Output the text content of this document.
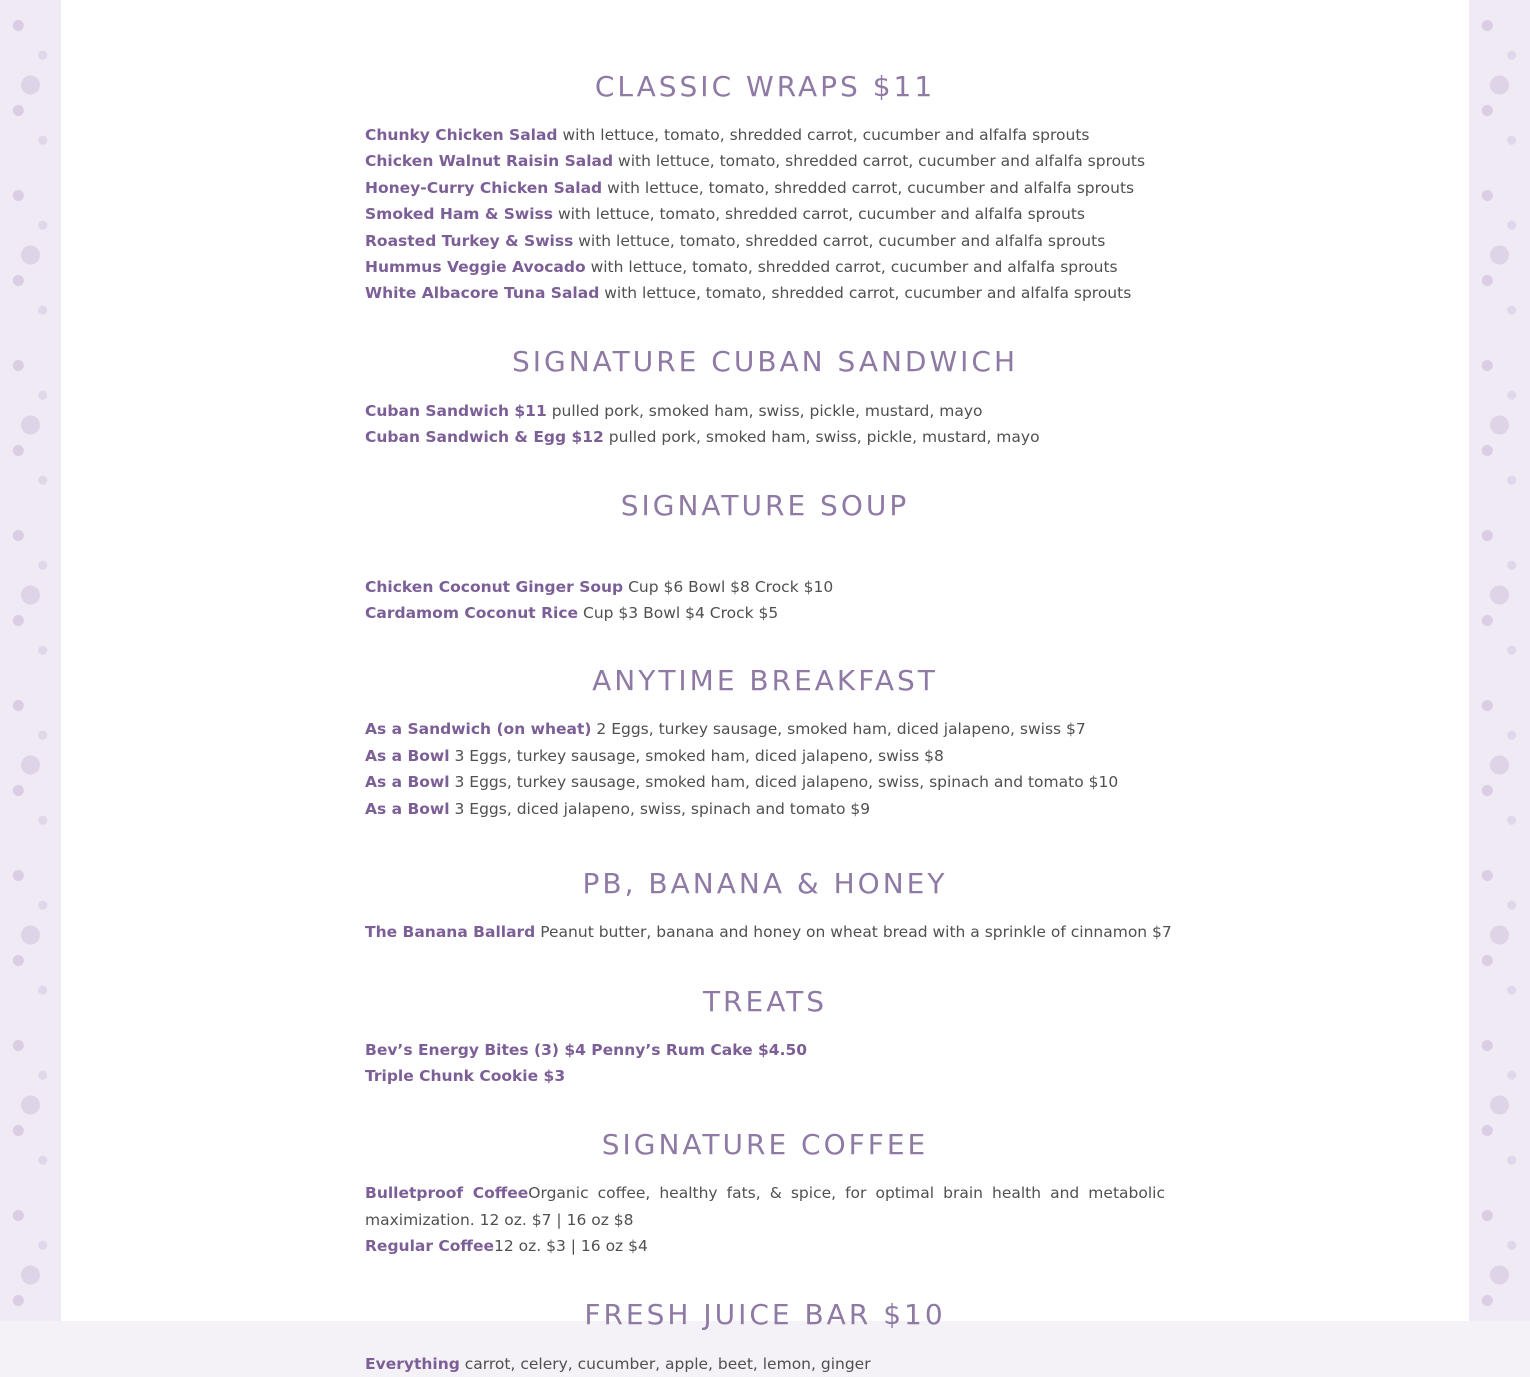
CLASSIC WRAPS $11

Chunky Chicken Salad with lettuce, tomato, shredded carrot, cucumber and alfalfa sprouts

Chicken Walnut Raisin Salad with lettuce, tomato, shredded carrot, cucumber and alfalfa sprouts

Honey-Curry Chicken Salad with lettuce, tomato, shredded carrot, cucumber and alfalfa sprouts

Smoked Ham & Swiss with lettuce, tomato, shredded carrot, cucumber and alfalfa sprouts

Roasted Turkey & Swiss with lettuce, tomato, shredded carrot, cucumber and alfalfa sprouts

Hummus Veggie Avocado with lettuce, tomato, shredded carrot, cucumber and alfalfa sprouts

White Albacore Tuna Salad with lettuce, tomato, shredded carrot, cucumber and alfalfa sprouts

SIGNATURE CUBAN SANDWICH

Cuban Sandwich $11 pulled pork, smoked ham, swiss, pickle, mustard, mayo

Cuban Sandwich & Egg $12 pulled pork, smoked ham, swiss, pickle, mustard, mayo

SIGNATURE SOUP

Chicken Coconut Ginger Soup Cup $6 Bowl $8 Crock $10

Cardamom Coconut Rice Cup $3 Bowl $4 Crock $5

ANYTIME BREAKFAST

As a Sandwich (on wheat) 2 Eggs, turkey sausage, smoked ham, diced jalapeno, swiss $7

As a Bowl 3 Eggs, turkey sausage, smoked ham, diced jalapeno, swiss $8

As a Bowl 3 Eggs, turkey sausage, smoked ham, diced jalapeno, swiss, spinach and tomato $10

As a Bowl 3 Eggs, diced jalapeno, swiss, spinach and tomato $9

PB, BANANA & HONEY

The Banana Ballard Peanut butter, banana and honey on wheat bread with a sprinkle of cinnamon $7

TREATS

Bev’s Energy Bites (3) $4 Penny’s Rum Cake $4.50

Triple Chunk Cookie $3

SIGNATURE COFFEE

Bulletproof CoffeeOrganic coffee, healthy fats, & spice, for optimal brain health and metabolic maximization. 12 oz. $7 | 16 oz $8

Regular Coffee12 oz. $3 | 16 oz $4

FRESH JUICE BAR $10

Everything carrot, celery, cucumber, apple, beet, lemon, ginger
